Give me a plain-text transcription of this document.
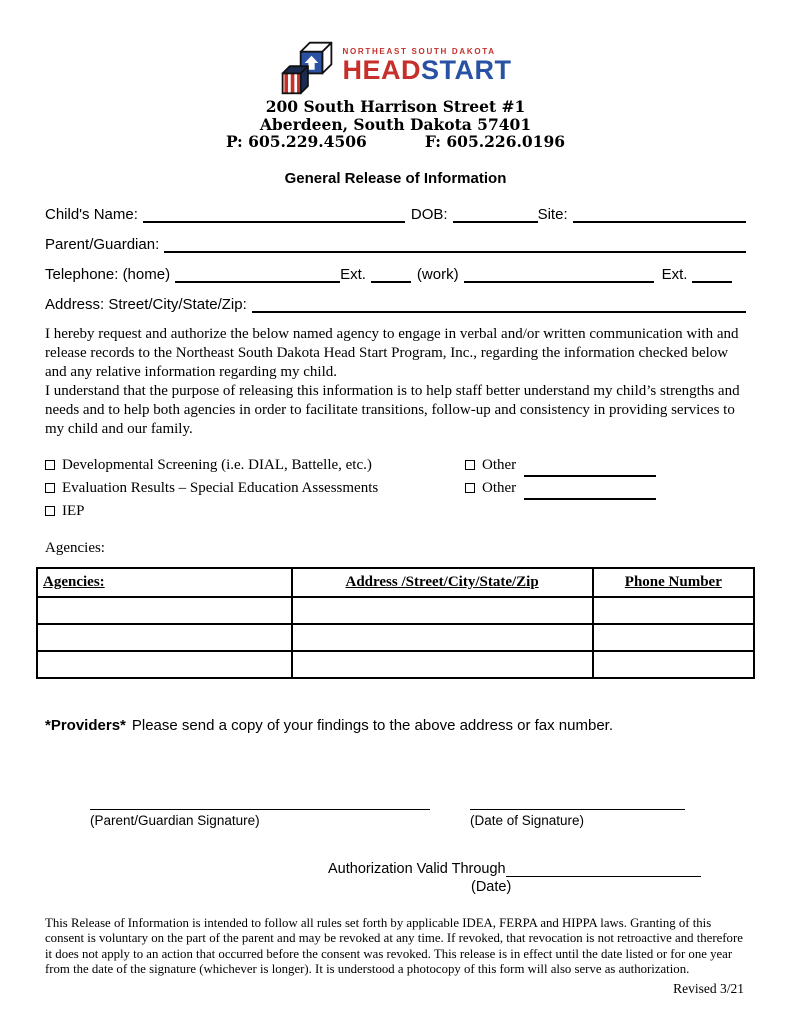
NORTHEAST SOUTH DAKOTA
HEADSTART
200 South Harrison Street #1
Aberdeen, South Dakota 57401
P: 605.229.4506	F: 605.226.0196
General Release of Information
Child's Name:	DOB:	Site:
Parent/Guardian:
Telephone: (home)	Ext.	(work)	Ext.
Address: Street/City/State/Zip:

I hereby request and authorize the below named agency to engage in verbal and/or written communication with and release records to the Northeast South Dakota Head Start Program, Inc., regarding the information checked below and any relative information regarding my child.

I understand that the purpose of releasing this information is to help staff better understand my child’s strengths and needs and to help both agencies in order to facilitate transitions, follow-up and consistency in providing services to my child and our family.

Developmental Screening (i.e. DIAL, Battelle, etc.)	Other
Evaluation Results – Special Education Assessments	Other
IEP
Agencies:
Agencies:	Address /Street/City/State/Zip	Phone Number

*Providers* Please send a copy of your findings to the above address or fax number.
(Parent/Guardian Signature)	(Date of Signature)
Authorization Valid Through
(Date)
This Release of Information is intended to follow all rules set forth by applicable IDEA, FERPA and HIPPA laws. Granting of this consent is voluntary on the part of the parent and may be revoked at any time. If revoked, that revocation is not retroactive and therefore it does not apply to an action that occurred before the consent was revoked. This release is in effect until the date listed or for one year from the date of the signature (whichever is longer). It is understood a photocopy of this form will also serve as authorization.
Revised 3/21
